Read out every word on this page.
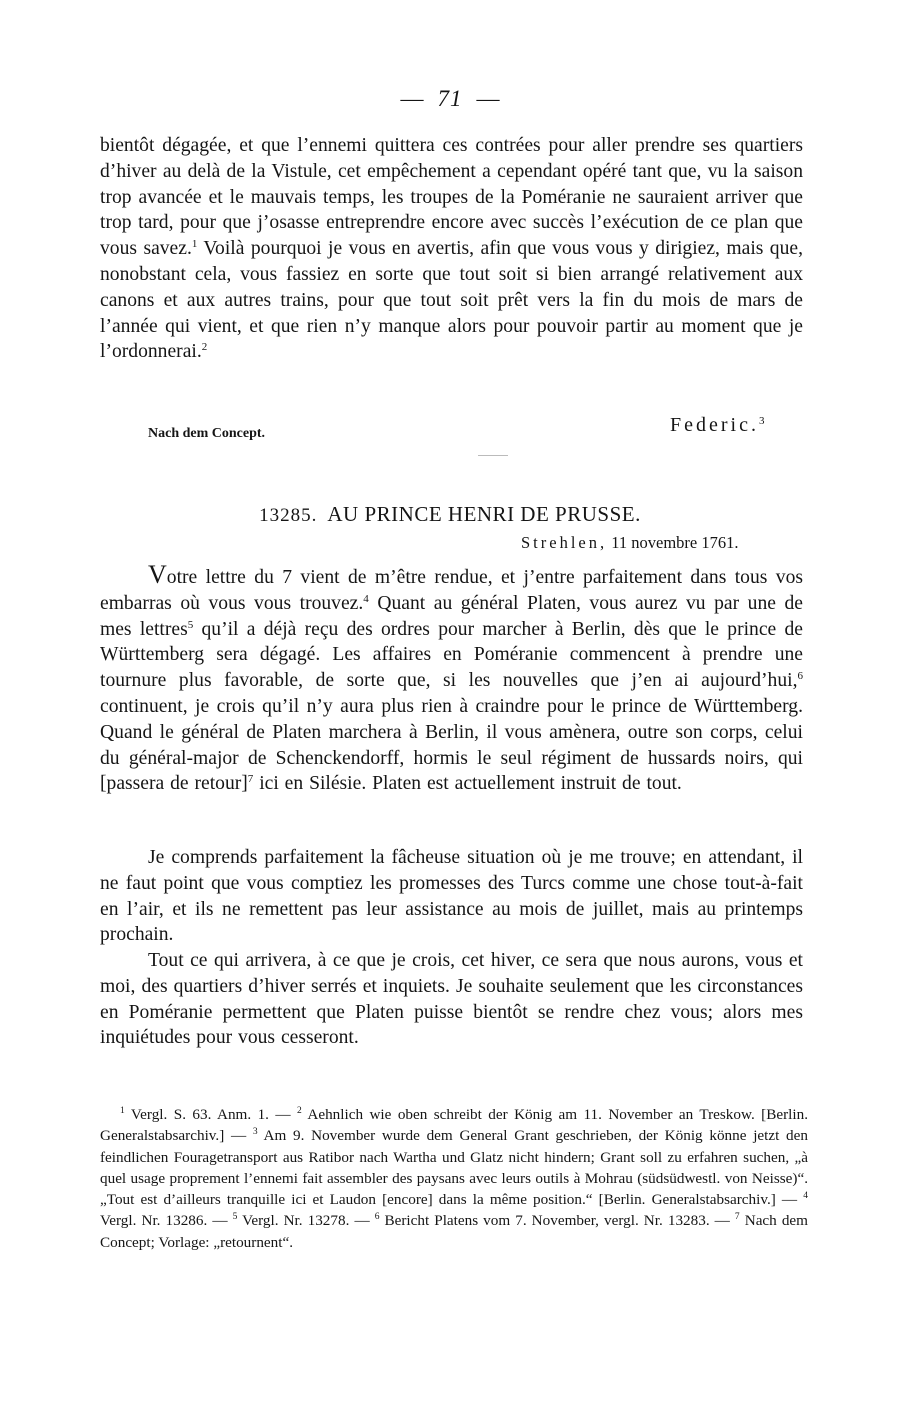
— 71 —
bientôt dégagée, et que l’ennemi quittera ces contrées pour aller prendre ses quartiers d’hiver au delà de la Vistule, cet empêchement a cependant opéré tant que, vu la saison trop avancée et le mauvais temps, les troupes de la Poméranie ne sauraient arriver que trop tard, pour que j’osasse entreprendre encore avec succès l’exécution de ce plan que vous savez.$^1$ Voilà pourquoi je vous en avertis, afin que vous vous y dirigiez, mais que, nonobstant cela, vous fassiez en sorte que tout soit si bien arrangé relativement aux canons et aux autres trains, pour que tout soit prêt vers la fin du mois de mars de l’année qui vient, et que rien n’y manque alors pour pouvoir partir au moment que je l’ordonnerai.$^2$
Nach dem Concept.	Federic.$^3$
13285. AU PRINCE HENRI DE PRUSSE.
Strehlen, 11 novembre 1761.
Votre lettre du 7 vient de m’être rendue, et j’entre parfaitement dans tous vos embarras où vous vous trouvez.$^4$ Quant au général Platen, vous aurez vu par une de mes lettres$^5$ qu’il a déjà reçu des ordres pour marcher à Berlin, dès que le prince de Württemberg sera dégagé. Les affaires en Poméranie commencent à prendre une tournure plus favorable, de sorte que, si les nouvelles que j’en ai aujourd’hui,$^6$ continuent, je crois qu’il n’y aura plus rien à craindre pour le prince de Württemberg. Quand le général de Platen marchera à Berlin, il vous amènera, outre son corps, celui du général-major de Schenckendorff, hormis le seul régiment de hussards noirs, qui [passera de retour]$^7$ ici en Silésie. Platen est actuellement instruit de tout.
Je comprends parfaitement la fâcheuse situation où je me trouve; en attendant, il ne faut point que vous comptiez les promesses des Turcs comme une chose tout-à-fait en l’air, et ils ne remettent pas leur assistance au mois de juillet, mais au printemps prochain.
Tout ce qui arrivera, à ce que je crois, cet hiver, ce sera que nous aurons, vous et moi, des quartiers d’hiver serrés et inquiets. Je souhaite seulement que les circonstances en Poméranie permettent que Platen puisse bientôt se rendre chez vous; alors mes inquiétudes pour vous cesseront.
$^1$ Vergl. S. 63. Anm. 1. — $^2$ Aehnlich wie oben schreibt der König am 11. November an Treskow. [Berlin. Generalstabsarchiv.] — $^3$ Am 9. November wurde dem General Grant geschrieben, der König könne jetzt den feindlichen Fouragetransport aus Ratibor nach Wartha und Glatz nicht hindern; Grant soll zu erfahren suchen, „à quel usage proprement l’ennemi fait assembler des paysans avec leurs outils à Mohrau (südsüdwestl. von Neisse)“. „Tout est d’ailleurs tranquille ici et Laudon [encore] dans la même position.“ [Berlin. Generalstabsarchiv.] — $^4$ Vergl. Nr. 13286. — $^5$ Vergl. Nr. 13278. — $^6$ Bericht Platens vom 7. November, vergl. Nr. 13283. — $^7$ Nach dem Concept; Vorlage: „retournent“.
